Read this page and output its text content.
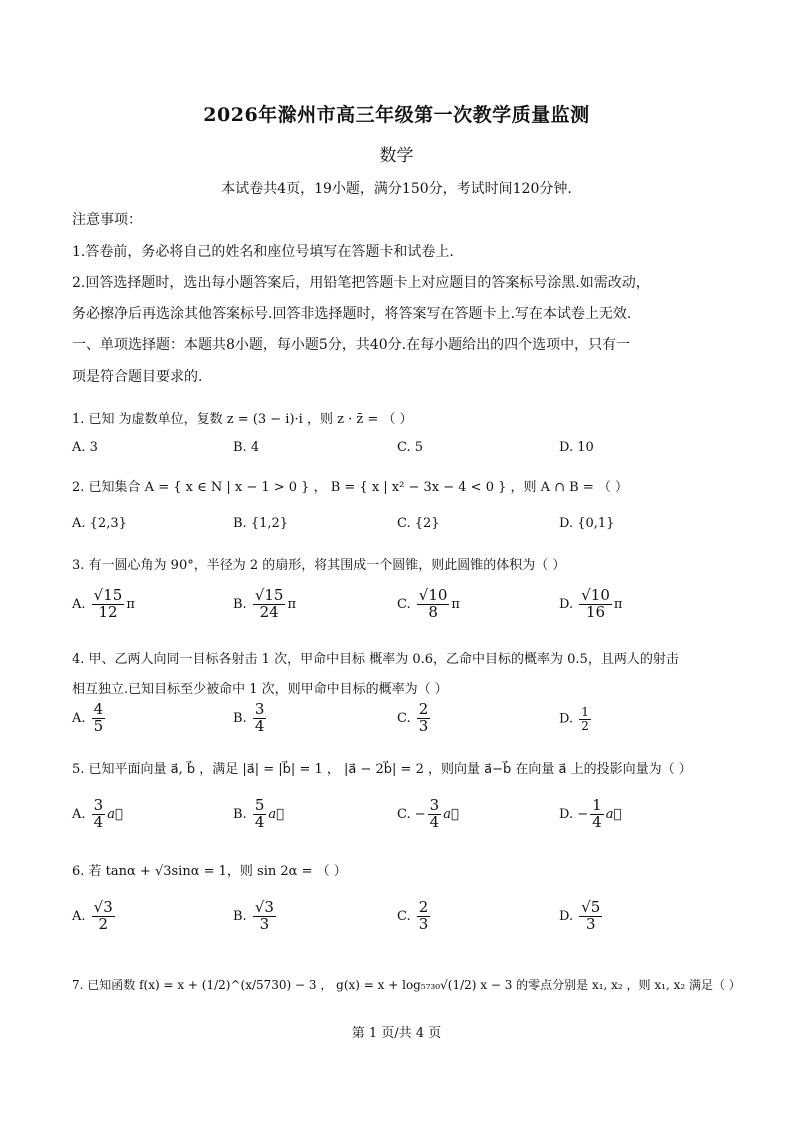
2026年滁州市高三年级第一次教学质量监测
数学
本试卷共4页，19小题，满分150分，考试时间120分钟.
注意事项：
1.答卷前，务必将自己的姓名和座位号填写在答题卡和试卷上.
2.回答选择题时，选出每小题答案后，用铅笔把答题卡上对应题目的答案标号涂黑.如需改动，
务必擦净后再选涂其他答案标号.回答非选择题时，将答案写在答题卡上.写在本试卷上无效.
一、单项选择题：本题共8小题，每小题5分，共40分.在每小题给出的四个选项中，只有一
项是符合题目要求的.
1. 已知 为虚数单位，复数 z = (3 − i)·i ，则 z · z̄ = （ ）
A. 3	B. 4	C. 5	D. 10
2. 已知集合 A = { x ∈ N | x − 1 > 0 } ， B = { x | x² − 3x − 4 < 0 } ，则 A ∩ B = （ ）
A. {2,3}	B. {1,2}	C. {2}	D. {0,1}
3. 有一圆心角为 90°，半径为 2 的扇形，将其围成一个圆锥，则此圆锥的体积为（ ）
A. $\frac{√15}{12}$ π	B. $\frac{√15}{24}$ π	C. $\frac{√10}{8}$ π	D. $\frac{√10}{16}$ π
4. 甲、乙两人向同一目标各射击 1 次，甲命中目标 概率为 0.6，乙命中目标的概率为 0.5，且两人的射击
相互独立.已知目标至少被命中 1 次，则甲命中目标的概率为（ ）
A. $\frac{4}{5}$	B. $\frac{3}{4}$	C. $\frac{2}{3}$	D. $\frac{1}{2}$
5. 已知平面向量 a⃗, b⃗ ，满足 |a⃗| = |b⃗| = 1 ， |a⃗ − 2b⃗| = 2 ，则向量 a⃗−b⃗ 在向量 a⃗ 上的投影向量为（ ）
A. $\frac{3}{4}$ a⃗	B. $\frac{5}{4}$ a⃗	C. − $\frac{3}{4}$ a⃗	D. − $\frac{1}{4}$ a⃗
6. 若 tanα + √3sinα = 1，则 sin 2α = （ ）
A. $\frac{√3}{2}$	B. $\frac{√3}{3}$	C. $\frac{2}{3}$	D. $\frac{√5}{3}$
7. 已知函数 f(x) = x + (1/2)^(x/5730) − 3 ， g(x) = x + log₅₇₃₀√(1/2) x − 3 的零点分别是 x₁, x₂ ，则 x₁, x₂ 满足（ ）
第 1 页/共 4 页
